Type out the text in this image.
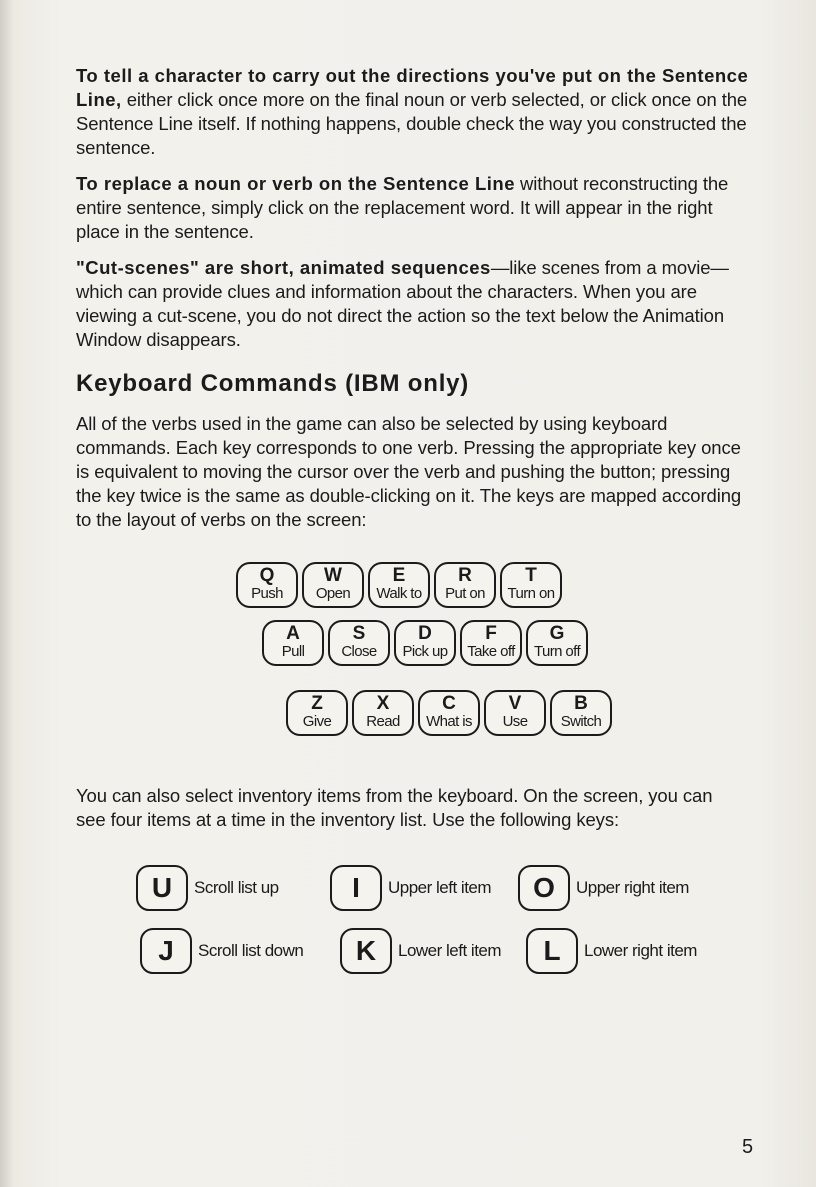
To tell a character to carry out the directions you've put on the Sentence Line, either click once more on the final noun or verb selected, or click once on the Sentence Line itself. If nothing happens, double check the way you constructed the sentence.

To replace a noun or verb on the Sentence Line without reconstructing the entire sentence, simply click on the replacement word. It will appear in the right place in the sentence.

"Cut-scenes" are short, animated sequences—like scenes from a movie—which can provide clues and information about the characters. When you are viewing a cut-scene, you do not direct the action so the text below the Animation Window disappears.

Keyboard Commands (IBM only)

All of the verbs used in the game can also be selected by using keyboard commands. Each key corresponds to one verb. Pressing the appropriate key once is equivalent to moving the cursor over the verb and pushing the button; pressing the key twice is the same as double-clicking on it. The keys are mapped according to the layout of verbs on the screen:

Q
Push
W
Open
E
Walk to
R
Put on
T
Turn on
A
Pull
S
Close
D
Pick up
F
Take off
G
Turn off
Z
Give
X
Read
C
What is
V
Use
B
Switch

You can also select inventory items from the keyboard. On the screen, you can see four items at a time in the inventory list. Use the following keys:

U	Scroll list up	I	Upper left item	O	Upper right item
J	Scroll list down	K	Lower left item	L	Lower right item
5
